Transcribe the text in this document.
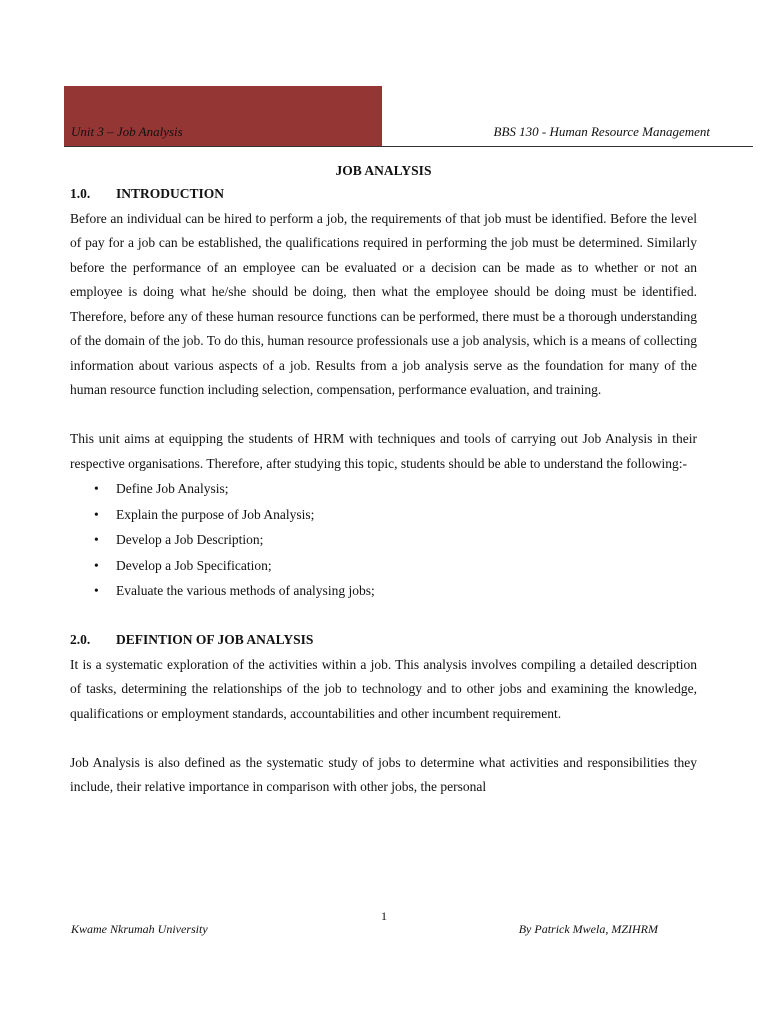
Unit 3 – Job Analysis	BBS 130 - Human Resource Management
JOB ANALYSIS
1.0. INTRODUCTION

Before an individual can be hired to perform a job, the requirements of that job must be identified. Before the level of pay for a job can be established, the qualifications required in performing the job must be determined. Similarly before the performance of an employee can be evaluated or a decision can be made as to whether or not an employee is doing what he/she should be doing, then what the employee should be doing must be identified. Therefore, before any of these human resource functions can be performed, there must be a thorough understanding of the domain of the job. To do this, human resource professionals use a job analysis, which is a means of collecting information about various aspects of a job. Results from a job analysis serve as the foundation for many of the human resource function including selection, compensation, performance evaluation, and training.

This unit aims at equipping the students of HRM with techniques and tools of carrying out Job Analysis in their respective organisations. Therefore, after studying this topic, students should be able to understand the following:-

• Define Job Analysis;
• Explain the purpose of Job Analysis;
• Develop a Job Description;
• Develop a Job Specification;
• Evaluate the various methods of analysing jobs;
2.0. DEFINTION OF JOB ANALYSIS

It is a systematic exploration of the activities within a job. This analysis involves compiling a detailed description of tasks, determining the relationships of the job to technology and to other jobs and examining the knowledge, qualifications or employment standards, accountabilities and other incumbent requirement.

Job Analysis is also defined as the systematic study of jobs to determine what activities and responsibilities they include, their relative importance in comparison with other jobs, the personal

1
Kwame Nkrumah University	By Patrick Mwela, MZIHRM
